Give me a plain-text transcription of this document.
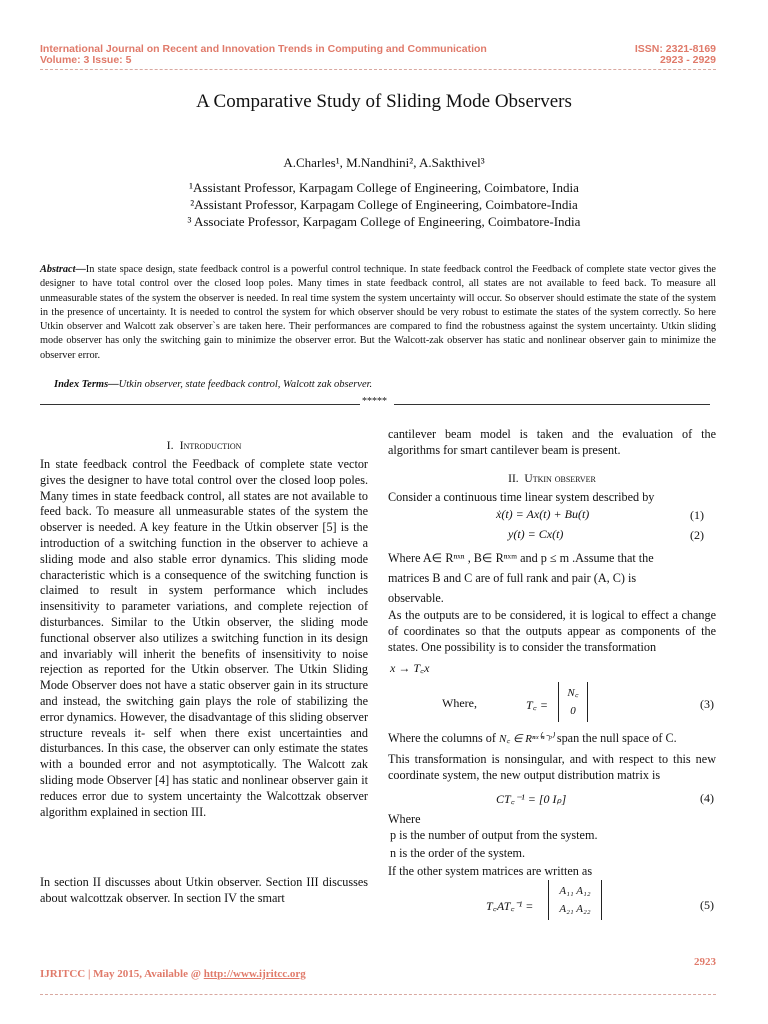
International Journal on Recent and Innovation Trends in Computing and Communication
Volume: 3 Issue: 5
ISSN: 2321-8169
2923 - 2929
A Comparative Study of Sliding Mode Observers
A.Charles¹, M.Nandhini², A.Sakthivel³
¹Assistant Professor, Karpagam College of Engineering, Coimbatore, India
²Assistant Professor, Karpagam College of Engineering, Coimbatore-India
³ Associate Professor, Karpagam College of Engineering, Coimbatore-India
Abstract—In state space design, state feedback control is a powerful control technique. In state feedback control the Feedback of complete state vector gives the designer to have total control over the closed loop poles. Many times in state feedback control, all states are not available to feed back. To measure all unmeasurable states of the system the observer is needed. In real time system the system uncertainty will occur. So observer should estimate the state of the system in the presence of uncertainty. It is needed to control the system for which observer should be very robust to estimate the states of the system correctly. So here Utkin observer and Walcott zak observer`s are taken here. Their performances are compared to find the robustness against the system uncertainty. Utkin sliding mode observer has only the switching gain to minimize the observer error. But the Walcott-zak observer has static and nonlinear observer gain to minimize the observer error.
Index Terms—Utkin observer, state feedback control, Walcott zak observer.
*****
I. Introduction
In state feedback control the Feedback of complete state vector gives the designer to have total control over the closed loop poles. Many times in state feedback control, all states are not available to feed back. To measure all unmeasurable states of the system the observer is needed. A key feature in the Utkin observer [5] is the introduction of a switching function in the observer to achieve a sliding mode and also stable error dynamics. This sliding mode characteristic which is a consequence of the switching function is claimed to result in system performance which includes insensitivity to parameter variations, and complete rejection of disturbances. Similar to the Utkin observer, the sliding mode functional observer also utilizes a switching function in its design and invariably will inherit the benefits of insensitivity to noise rejection as reported for the Utkin observer. The Utkin Sliding Mode Observer does not have a static observer gain in its structure and instead, the switching gain plays the role of stabilizing the error dynamics. However, the disadvantage of this sliding observer structure reveals it- self when there exist uncertainties and disturbances. In this case, the observer can only estimate the states with a bounded error and not asymptotically. The Walcott zak sliding mode Observer [4] has static and nonlinear observer gain it reduces error due to system uncertainty the Walcottzak observer algorithm explained in section III.
In section II discusses about Utkin observer. Section III discusses about walcottzak observer. In section IV the smart
cantilever beam model is taken and the evaluation of the algorithms for smart cantilever beam is present.
II. Utkin observer
Consider a continuous time linear system described by
ẋ(t) = Ax(t) + Bu(t)	(1)
y(t) = Cx(t)	(2)
Where A∈ Rⁿˣⁿ , B∈ Rⁿˣᵐ and p ≤ m .Assume that the
matrices B and C are of full rank and pair (A, C) is
observable.
As the outputs are to be considered, it is logical to effect a change of coordinates so that the outputs appear as components of the states. One possibility is to consider the transformation
x → T꜀x
Where,	T꜀ =
N꜀
0	(3)
Where the columns of N꜀ ∈ Rⁿˣ⁽ⁿ⁻ᵖ⁾ span the null space of C.
This transformation is nonsingular, and with respect to this new coordinate system, the new output distribution matrix is
CT꜀⁻¹ = [0 Iₚ]	(4)
Where
p is the number of output from the system.
n is the order of the system.
If the other system matrices are written as
T꜀AT꜀⁻¹ =
A₁₁ A₁₂
A₂₁ A₂₂	(5)
2923
IJRITCC | May 2015, Available @ http://www.ijritcc.org
